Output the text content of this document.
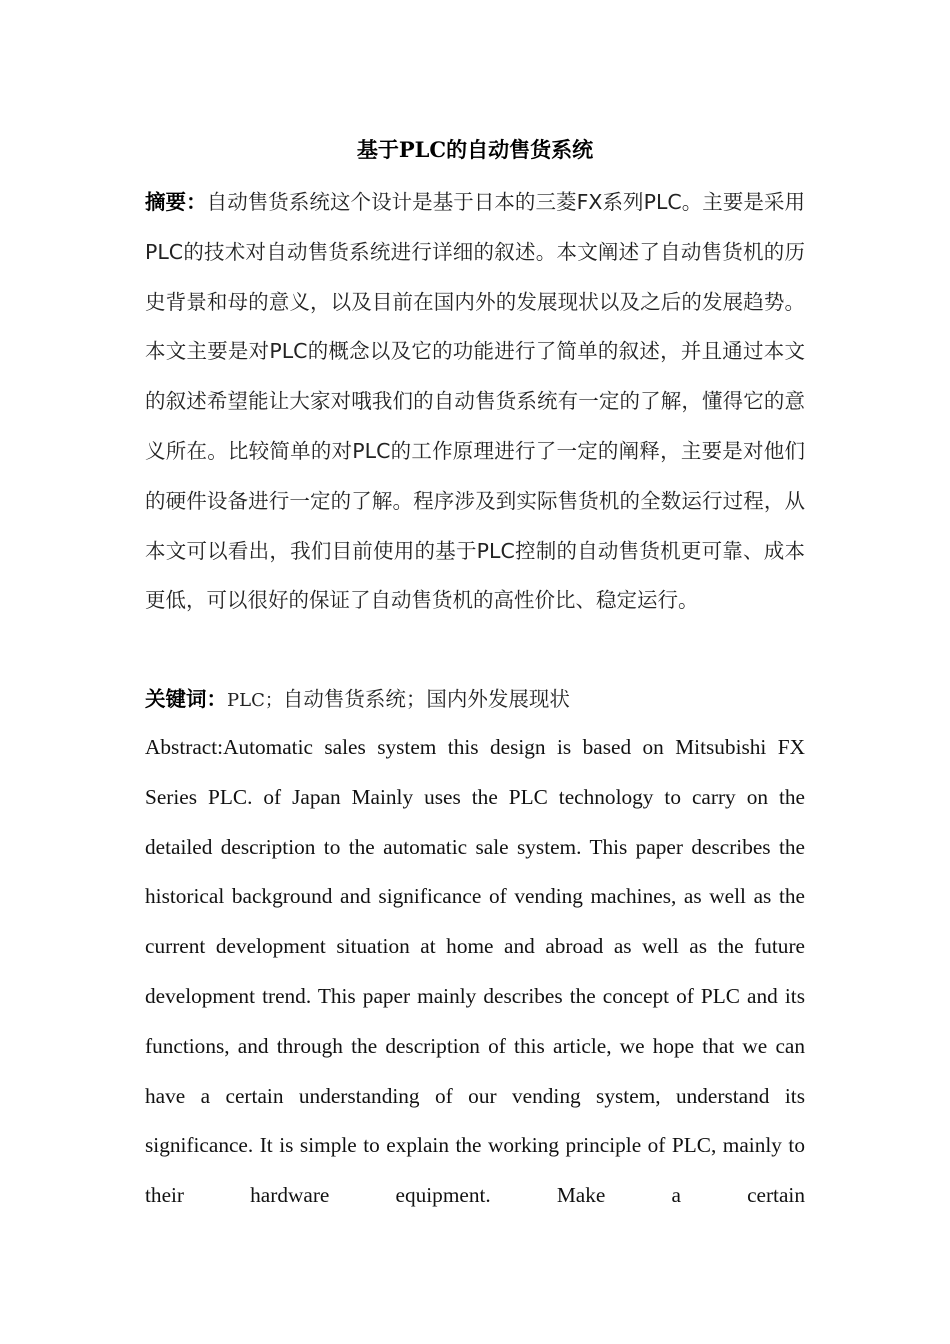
基于PLC的自动售货系统

摘要：自动售货系统这个设计是基于日本的三菱FX系列PLC。主要是采用PLC的技术对自动售货系统进行详细的叙述。本文阐述了自动售货机的历史背景和母的意义，以及目前在国内外的发展现状以及之后的发展趋势。本文主要是对PLC的概念以及它的功能进行了简单的叙述，并且通过本文的叙述希望能让大家对哦我们的自动售货系统有一定的了解，懂得它的意义所在。比较简单的对PLC的工作原理进行了一定的阐释，主要是对他们的硬件设备进行一定的了解。程序涉及到实际售货机的全数运行过程，从本文可以看出，我们目前使用的基于PLC控制的自动售货机更可靠、成本更低，可以很好的保证了自动售货机的高性价比、稳定运行。

关键词：PLC；自动售货系统；国内外发展现状

Abstract:Automatic sales system this design is based on Mitsubishi FX Series PLC. of Japan Mainly uses the PLC technology to carry on the detailed description to the automatic sale system. This paper describes the historical background and significance of vending machines, as well as the current development situation at home and abroad as well as the future development trend. This paper mainly describes the concept of PLC and its functions, and through the description of this article, we hope that we can have a certain understanding of our vending system, understand its significance. It is simple to explain the working principle of PLC, mainly to their hardware equipment. Make a certain
